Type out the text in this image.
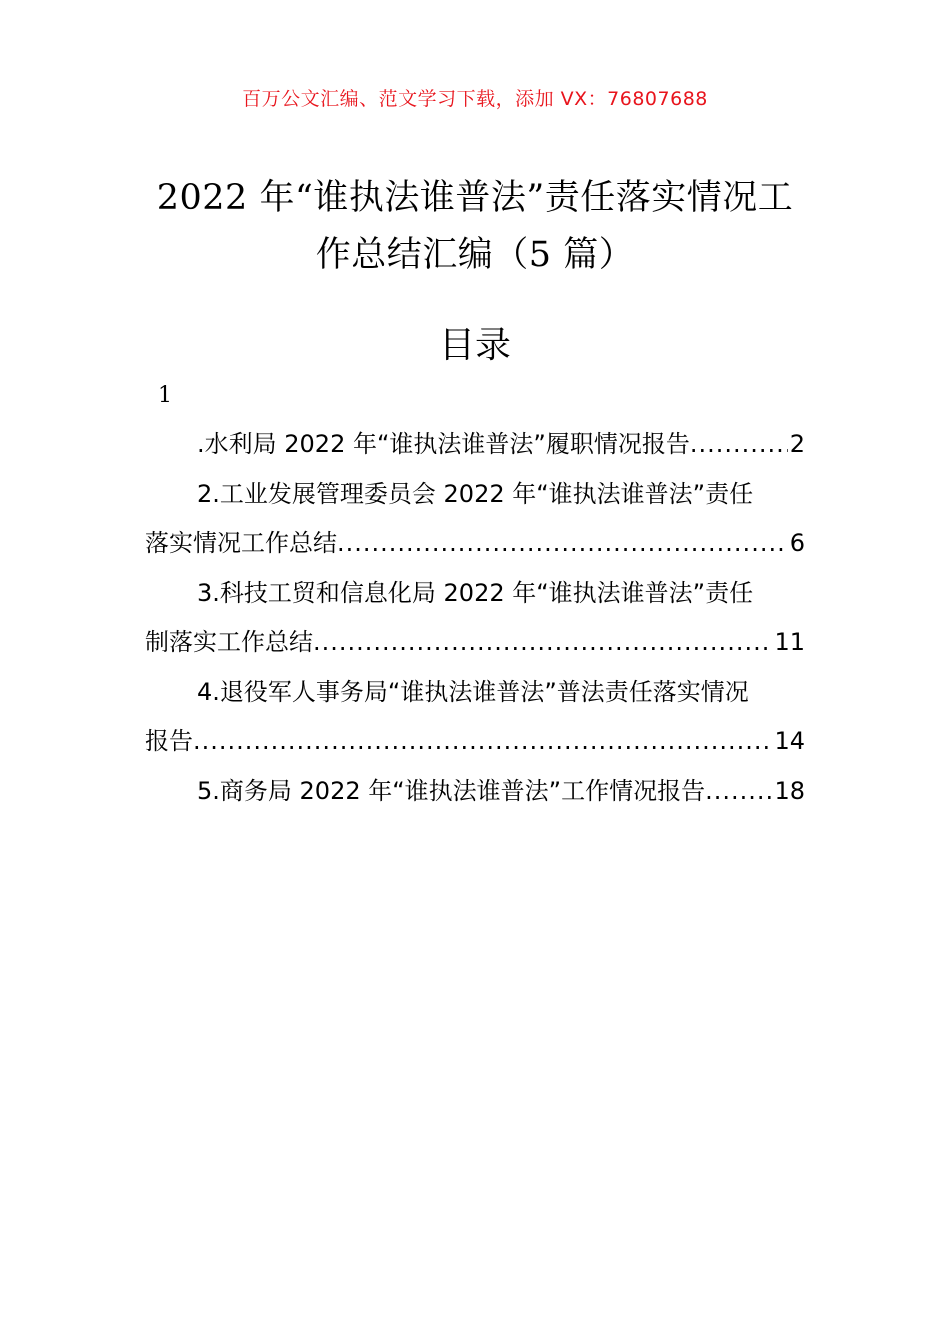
百万公文汇编、范文学习下载，添加 VX：76807688
2022 年“谁执法谁普法”责任落实情况工
作总结汇编（5 篇）
目录
1
.水利局 2022 年“谁执法谁普法”履职情况报告 .....	2
2.工业发展管理委员会 2022 年“谁执法谁普法”责任
落实情况工作总结 .....	6
3.科技工贸和信息化局 2022 年“谁执法谁普法”责任
制落实工作总结 .....	11
4.退役军人事务局“谁执法谁普法”普法责任落实情况
报告 .....	14
5.商务局 2022 年“谁执法谁普法”工作情况报告 .....	18
